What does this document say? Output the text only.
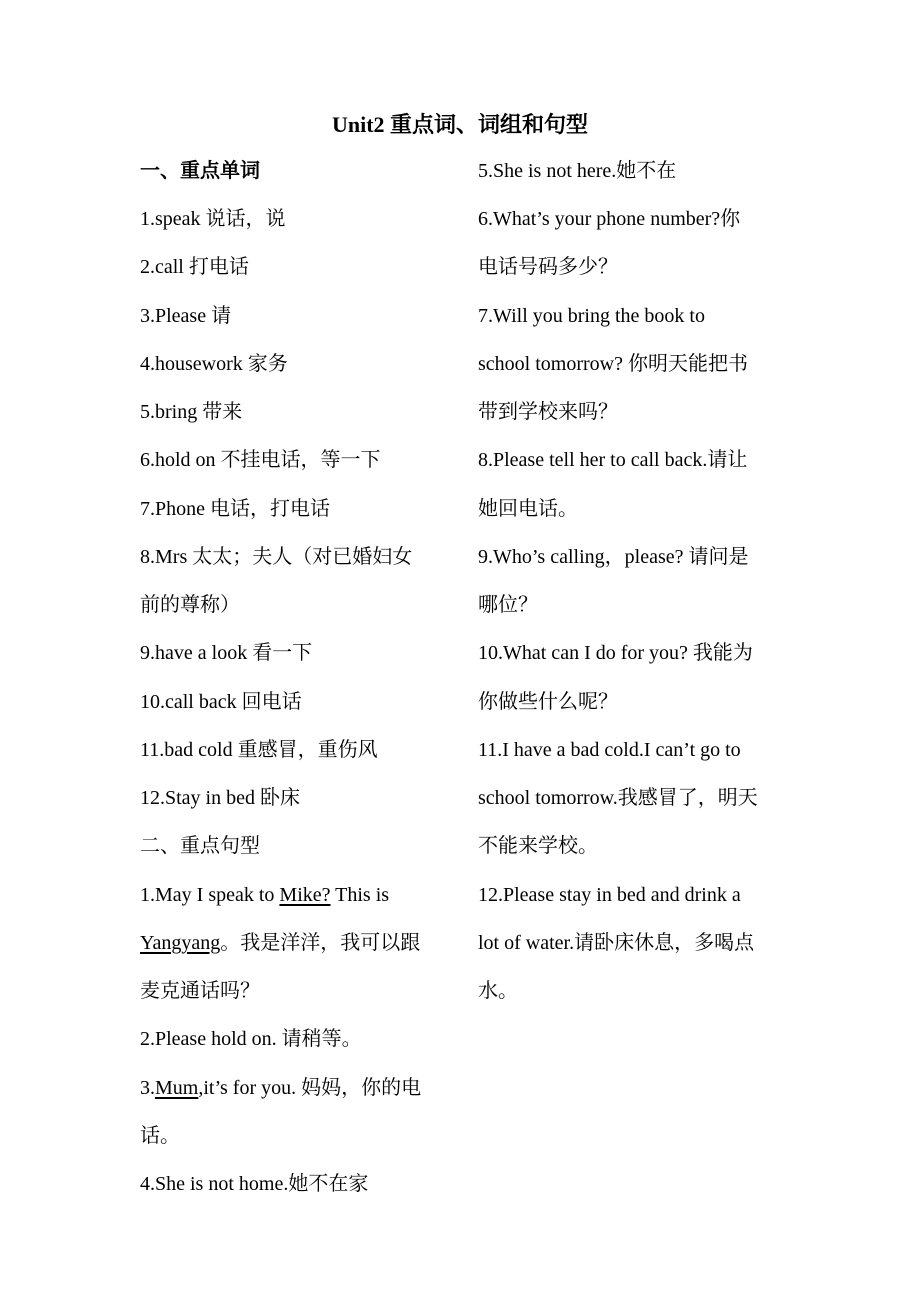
Unit2 重点词、词组和句型
一、重点单词
1.speak 说话，说
2.call 打电话
3.Please 请
4.housework 家务
5.bring 带来
6.hold on 不挂电话，等一下
7.Phone 电话，打电话
8.Mrs 太太；夫人（对已婚妇女
前的尊称）
9.have a look 看一下
10.call back 回电话
11.bad cold 重感冒，重伤风
12.Stay in bed 卧床
二、重点句型
1.May I speak to Mike? This is
Yangyang。我是洋洋，我可以跟
麦克通话吗？
2.Please hold on. 请稍等。
3.Mum,it’s for you. 妈妈，你的电
话。
4.She is not home.她不在家
5.She is not here.她不在
6.What’s your phone number?你
电话号码多少？
7.Will you bring the book to
school tomorrow? 你明天能把书
带到学校来吗？
8.Please tell her to call back.请让
她回电话。
9.Who’s calling，please? 请问是
哪位？
10.What can I do for you? 我能为
你做些什么呢？
11.I have a bad cold.I can’t go to
school tomorrow.我感冒了，明天
不能来学校。
12.Please stay in bed and drink a
lot of water.请卧床休息，多喝点
水。
